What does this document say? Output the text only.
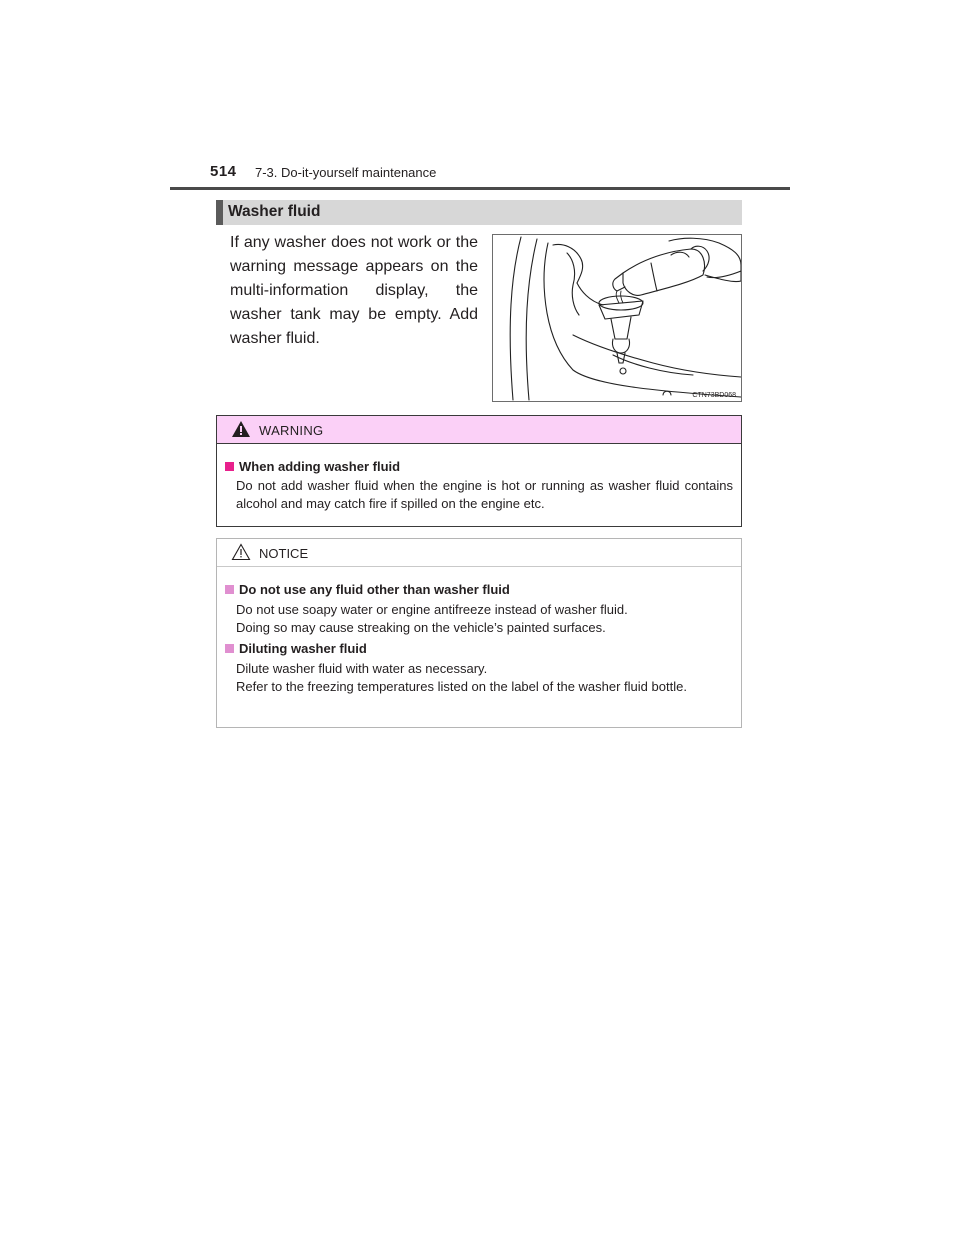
514 7-3. Do-it-yourself maintenance
Washer fluid
If any washer does not work or the warning message appears on the multi-information display, the washer tank may be empty. Add washer fluid.
CTN73BD068
WARNING
When adding washer fluid
Do not add washer fluid when the engine is hot or running as washer fluid contains alcohol and may catch fire if spilled on the engine etc.
NOTICE
Do not use any fluid other than washer fluid
Do not use soapy water or engine antifreeze instead of washer fluid.
Doing so may cause streaking on the vehicle’s painted surfaces.
Diluting washer fluid
Dilute washer fluid with water as necessary.
Refer to the freezing temperatures listed on the label of the washer fluid bottle.
